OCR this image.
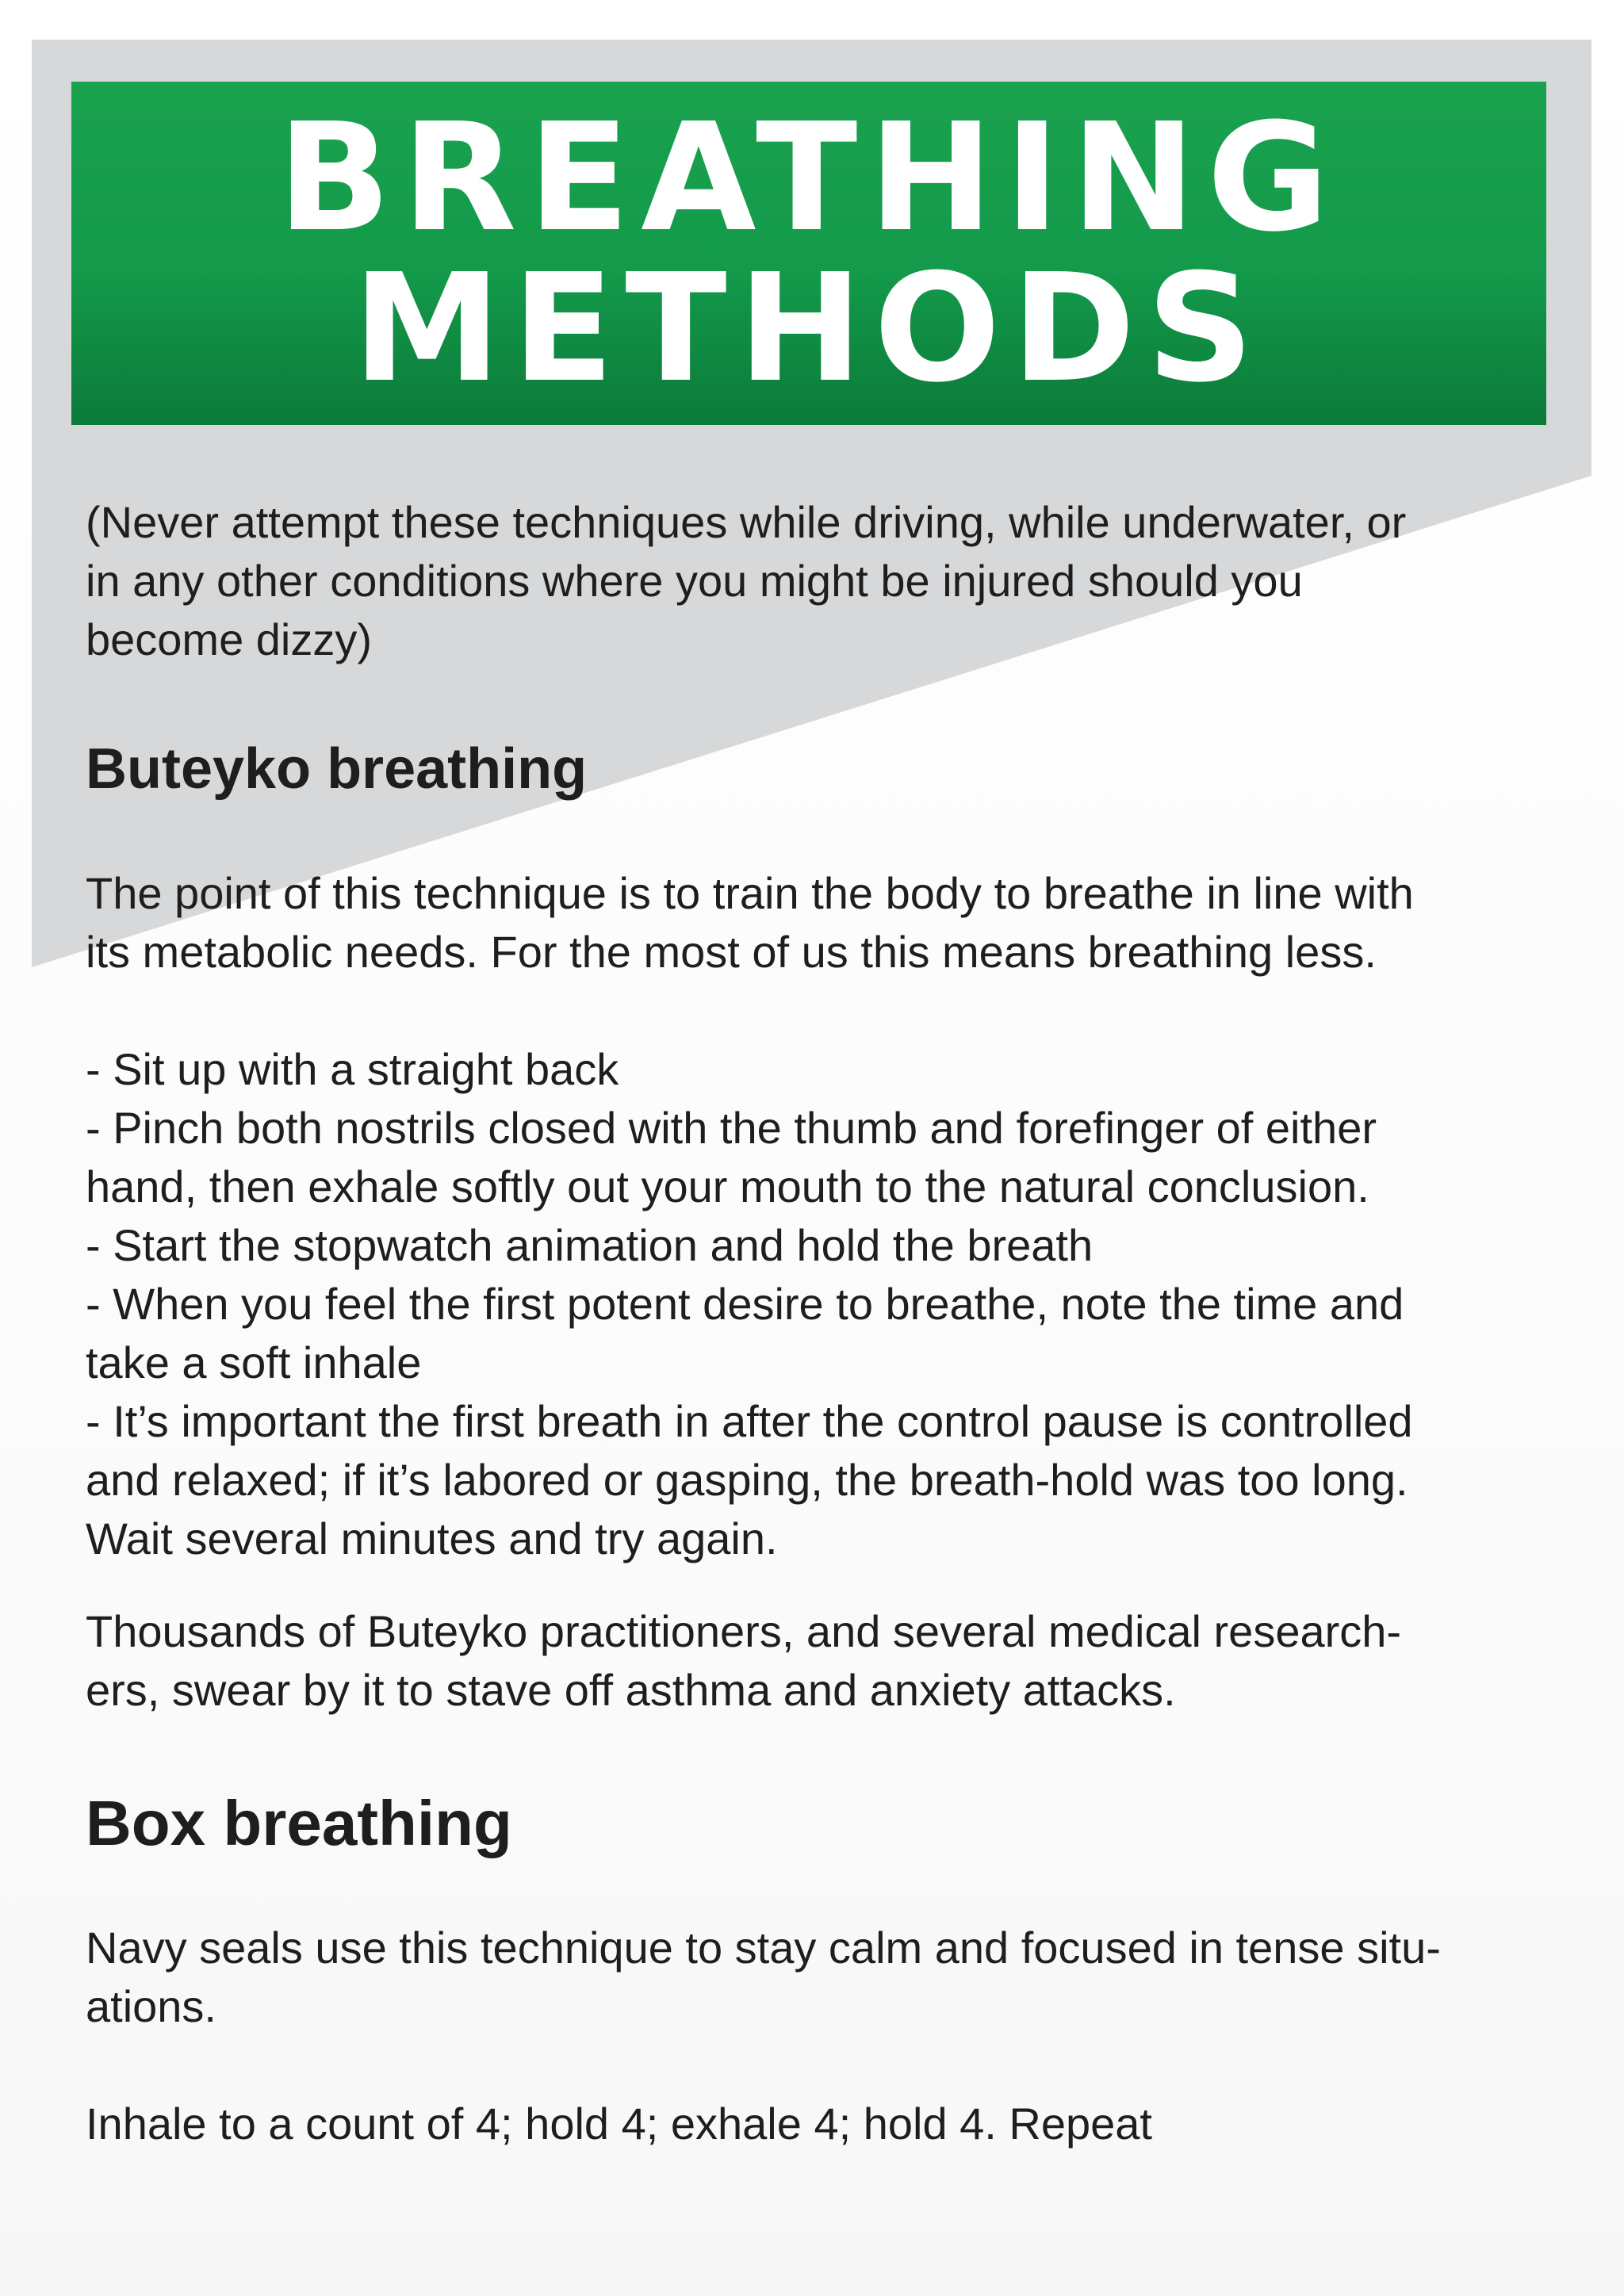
BREATHING
METHODS

(Never attempt these techniques while driving, while underwater, or
in any other conditions where you might be injured should you
become dizzy)

Buteyko breathing

The point of this technique is to train the body to breathe in line with
its metabolic needs. For the most of us this means breathing less.

- Sit up with a straight back
- Pinch both nostrils closed with the thumb and forefinger of either
hand, then exhale softly out your mouth to the natural conclusion.
- Start the stopwatch animation and hold the breath
- When you feel the first potent desire to breathe, note the time and
take a soft inhale
- It’s important the first breath in after the control pause is controlled
and relaxed; if it’s labored or gasping, the breath-hold was too long.
Wait several minutes and try again.

Thousands of Buteyko practitioners, and several medical research-
ers, swear by it to stave off asthma and anxiety attacks.

Box breathing

Navy seals use this technique to stay calm and focused in tense situ-
ations.

Inhale to a count of 4; hold 4; exhale 4; hold 4. Repeat
